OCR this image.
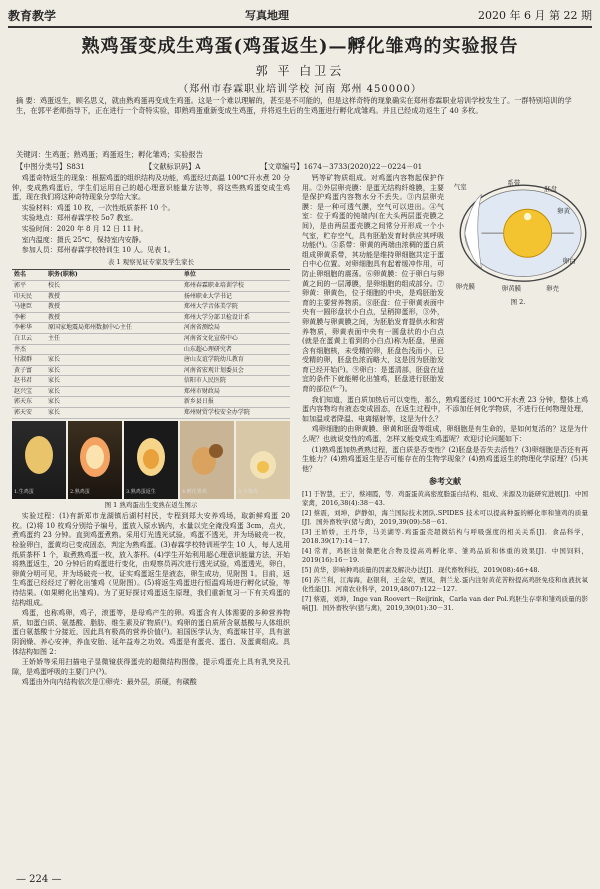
教育教学	写真地理	2020 年 6 月 第 22 期
熟鸡蛋变成生鸡蛋(鸡蛋返生)—孵化雏鸡的实验报告
郭 平 白卫云
（郑州市春霖职业培训学校 河南 郑州 450000）
摘 要：鸡蛋返生，顾名思义，就由熟鸡蛋再变成生鸡蛋。这是一个难以理解的，甚至是不可能的，但是这样奇特的现象确实在郑州春霖职业培训学校发生了。一群特别培训的学生，在郭平老师指导下，正在进行一个奇特实验，即熟鸡蛋重新变成生鸡蛋，并将返生后的生鸡蛋进行孵化成雏鸡。并且已经成功返生了 40 多枚。
关键词：生鸡蛋；熟鸡蛋；鸡蛋返生；孵化雏鸡；实验报告
【中图分类号】S831	【文献标识码】A	【文章编号】1674－3733(2020)22－0224－01

鸡蛋奇特返生的现象：根据鸡蛋的组织结构及功能，鸡蛋经过高温 100℃开水煮 20 分钟，变成熟鸡蛋后，学生们运用自己的超心理意识能量方法等，将这些熟鸡蛋变成生鸡蛋，现在我们将这种奇特现象分享给大家。

实验材料：鸡蛋 10 枚，一次性纸质茶杯 10 个。

实验地点：郑州春霖学校 5o7 教室。

实验时间：2020 年 8 月 12 日 11 时。

室内温度：摄氏 25℃，保持室内安静。

参加人员：郑州春霖学校特训生 10 人。见表 1。

表 1 观察见证专家及学生家长
姓名	职务(职称)	单位
郭平	校长	郑州春霖职业培训学校
印天民	教授	扬州职业大学书记
马建臣	教授	郑州大学音体美学院
李彬	教授	郑州大学分部卫检设计系
李彬华	原国家地震局郑州数据中心主任	河南省测绘局
白卫云	主任	河南省文化宣传中心
井杰		山东超心理研究者
付淑群	家长	唐山友谊学院幼儿教育
黄子富	家长	河南省宏观计划委员会
赵书君	家长	信阳市人民医院
赵兴宝	家长	郑州市财政局
郭天东	家长	新乡县日报
郭天安	家长	郑州财贸学校安全办学院
1.生鸡蛋	2.熟鸡蛋	3.熟鸡蛋返生	4.孵化雏鸡	5.小雏鸡
图 1 熟鸡蛋出生变熟在返生图示

实验过程：(1)有新郑市龙湖镇后湖村村民，专程到郑大安养鸡场，取新鲜鸡蛋 20 枚。(2)将 10 枚鸡分别给予编号，蛋放入原水锅内，水量以完全淹没鸡蛋 3cm，点火，煮鸡蛋约 23 分钟。直到鸡蛋煮熟。采用灯光透光试验，鸡蛋不透光，并为场破壳一枚，检验卵白，蛋黄均已变成固态，判定为熟鸡蛋。(3)春霖学校特训班学生 10 人，每人选用纸质茶杯 1 个，取煮熟鸡蛋一枚，放入茶杯。(4)学生开始利用超心理意识能量方法，开始将熟蛋返生，20 分钟后的鸡蛋进行变化，由观察员再次进行透光试验，鸡蛋透光，卵白，卵黄分明可见，并为场破壳一枚，证实鸡蛋返生是液态，卵生成功，见附图 1。目前，返生鸡蛋已经经过了孵化出雏鸡（见附图）。(5)将返生鸡蛋进行恒温鸡场进行孵化试验，等待结果。(如果孵化出雏鸡)。为了更好探讨鸡蛋返生原理，我们重新复习一下有关鸡蛋的结构组成。

鸡蛋，也称鸡卵，鸡子，滚蛋等，是母鸡产生的卵。鸡蛋含有人体需要的多种营养物质，如蛋白质、氨基酸、脂肪、维生素及矿物质(¹)。鸡卵的蛋白质所含氨基酸与人体组织蛋白氨基酸十分接近，因此具有极高的营养价值(²)。祖国医学认为，鸡蛋味甘平，具有滋阴润燥、养心安神，养血安胎、延年益寿之功效。鸡蛋是有蛋壳、蛋白、及蛋黄组成。具体结构如图 2：

王娇娇等采用扫描电子显微镜获得蛋壳的超微结构图像，提示鸡蛋壳上具有乳突及孔隙，是鸡蛋呼吸的主要门户(³)。

鸡蛋由外向内结构依次是①卵壳：最外层，质硬，有碳酸

钙等矿物质组成。对鸡蛋内容物起保护作用。②外层卵壳膜：是蛋无结构纤维膜，主要是保护鸡蛋内容物水分不丢失。③内层卵壳膜：是一种可透气膜，空气可以进出。④气室：位于鸡蛋的钝端内(在大头两层蛋壳膜之间)，是由两层蛋壳膜之间常分开形成一个小气室，贮存空气，具有胚胎发育时供应其呼吸功能(⁴)。⑤系带：卵黄的两端由浓稠的蛋白质组成卵黄系带，其功能是维持卵细胞共定于蛋白中心位置。对卵细胞具有起着缓冲作用，可防止卵细胞的震荡。⑥卵黄膜：位于卵白与卵黄之间的一层薄膜，是卵细胞的组成部分。⑦卵黄：卵黄色，位于细胞的中央，是鸡胚胎发育的主要营养物质。⑧胚盘：位于卵黄表面中央有一圆形盘状小白点，呈稍抑蛋形，③外，卵黄膜与卵黄膜之间，为胚胎发育提供水和营养物质，卵黄表面中央有一圆盘状的小白点(就是在蛋黄上看到的小白点)称为胚盘，里面含有细胞核，未受精的卵，胚盘色浅而小，已受精的卵，胚盘色浓而略大，这是因为胚胎发育已经开始(⁵)。⑨卵白：是蛋清部，胚盘在适宜的条件下就能孵化出雏鸡，胚盘进行胚胎发育的部位(⁶⁻⁷)。

系带
胚盘
卵黄
卵白
卵壳膜
气室
卵黄膜	卵壳
图 2.

我们知道，蛋白质加热后可以变性，那么，熟鸡蛋经过 100℃开水煮 23 分钟，整体上鸡蛋内容物均有液态变成固态，在返生过程中，不添加任何化学物质，不进行任何物理处理，如加温或者降温、电离辐射等，这是为什么？

鸡卵细胞的由卵黄膜、卵黄和胚盘等组成，卵细胞是有生命的，是如何复活的？这是为什么呢？也就说变性的鸡蛋，怎样又能变成生鸡蛋呢？欢迎讨论问题如下：

(1)熟鸡蛋加热煮熟过程，蛋白质是否变性？(2)胚盘是否失去活性？(3)卵细胞是否还有再生能力？(4)熟鸡蛋返生是否可能存在的生物学现象？(4)熟鸡蛋返生的物理化学原理？(5)其他？

参考文献

[1] 于智慧，王宁，蔡翊霞，等．鸡蛋蛋黄高密度脂蛋白结构、组成、来源及功能研究进展[J]．中国家禽，2016,38(4):38－43.

[2] 蔡震，刘坤，萨静如，海兰国际技术团队.SPIDES 技术可以提高种蛋的孵化率和雏鸡的质量[J]．国外畜牧学(猪与禽)，2019,39(09):58－61.

[3] 王娇娇，王丹华，马美湖等.鸡蛋蛋壳超微结构与呼吸强度的相关关系[J]．食品科学，2018.39(17):14－17.

[4] 常青，鸡胚注射微肥化合物及提高鸡孵化率、雏鸡品质和体重的效果[J]．中国饲料，2019(16):16－19.

[5] 黄华，影响种鸡质量的因素及解决办法[J]．现代畜牧科技，2019(08):46+48.

[6] 苏兰利，江海海，赵银利，王金荣，贾凤，荆兰龙.蛋内注射黄花苦粉提高鸡胚免疫和血液抗氧化性能[J]．河南农业科学，2019,48(07):122－127.

[7] 蔡震，刘坤，Inge van Roovert－Reijrink，Carla van der Pol.鸡胚生存率和雏鸡质量的影响[J]．国外畜牧学(猪与禽)，2019,39(01):30－31.

— 224 —
